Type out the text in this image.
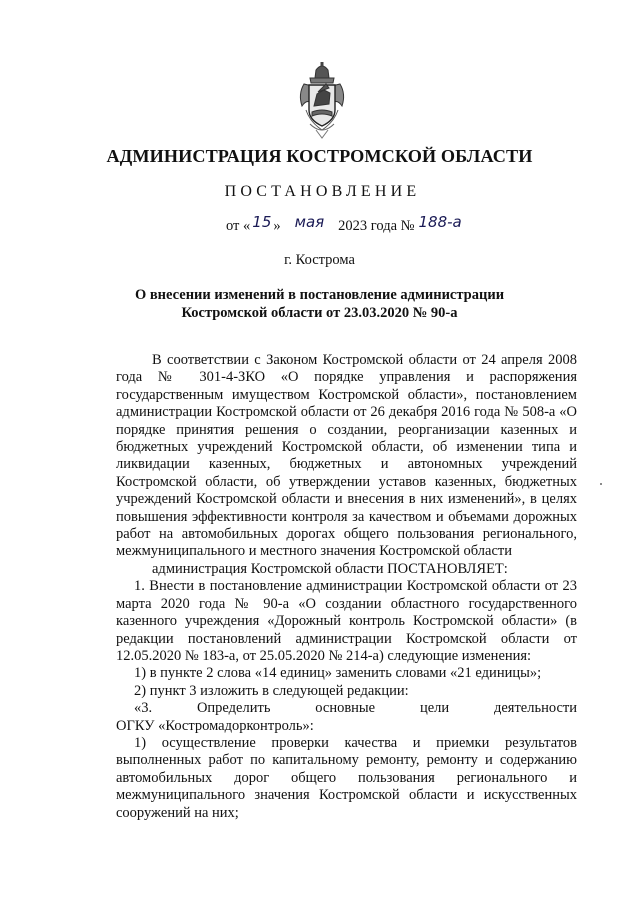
АДМИНИСТРАЦИЯ КОСТРОМСКОЙ ОБЛАСТИ
ПОСТАНОВЛЕНИЕ
от « 15 » мая 2023 года № 188-а
г. Кострома
О внесении изменений в постановление администрации
Костромской области от 23.03.2020 № 90-а

В соответствии с Законом Костромской области от 24 апреля 2008 года № 301-4-ЗКО «О порядке управления и распоряжения государственным имуществом Костромской области», постановлением администрации Костромской области от 26 декабря 2016 года № 508-а «О порядке принятия решения о создании, реорганизации казенных и бюджетных учреждений Костромской области, об изменении типа и ликвидации казенных, бюджетных и автономных учреждений Костромской области, об утверждении уставов казенных, бюджетных учреждений Костромской области и внесения в них изменений», в целях повышения эффективности контроля за качеством и объемами дорожных работ на автомобильных дорогах общего пользования регионального, межмуниципального и местного значения Костромской области

администрация Костромской области ПОСТАНОВЛЯЕТ:

1. Внести в постановление администрации Костромской области от 23 марта 2020 года № 90-а «О создании областного государственного казенного учреждения «Дорожный контроль Костромской области» (в редакции постановлений администрации Костромской области от 12.05.2020 № 183-а, от 25.05.2020 № 214-а) следующие изменения:

1) в пункте 2 слова «14 единиц» заменить словами «21 единицы»;

2) пункт 3 изложить в следующей редакции:

«3.	Определить	основные	цели	деятельности

ОГКУ «Костромадорконтроль»:

1) осуществление проверки качества и приемки результатов выполненных работ по капитальному ремонту, ремонту и содержанию автомобильных дорог общего пользования регионального и межмуниципального значения Костромской области и искусственных сооружений на них;
